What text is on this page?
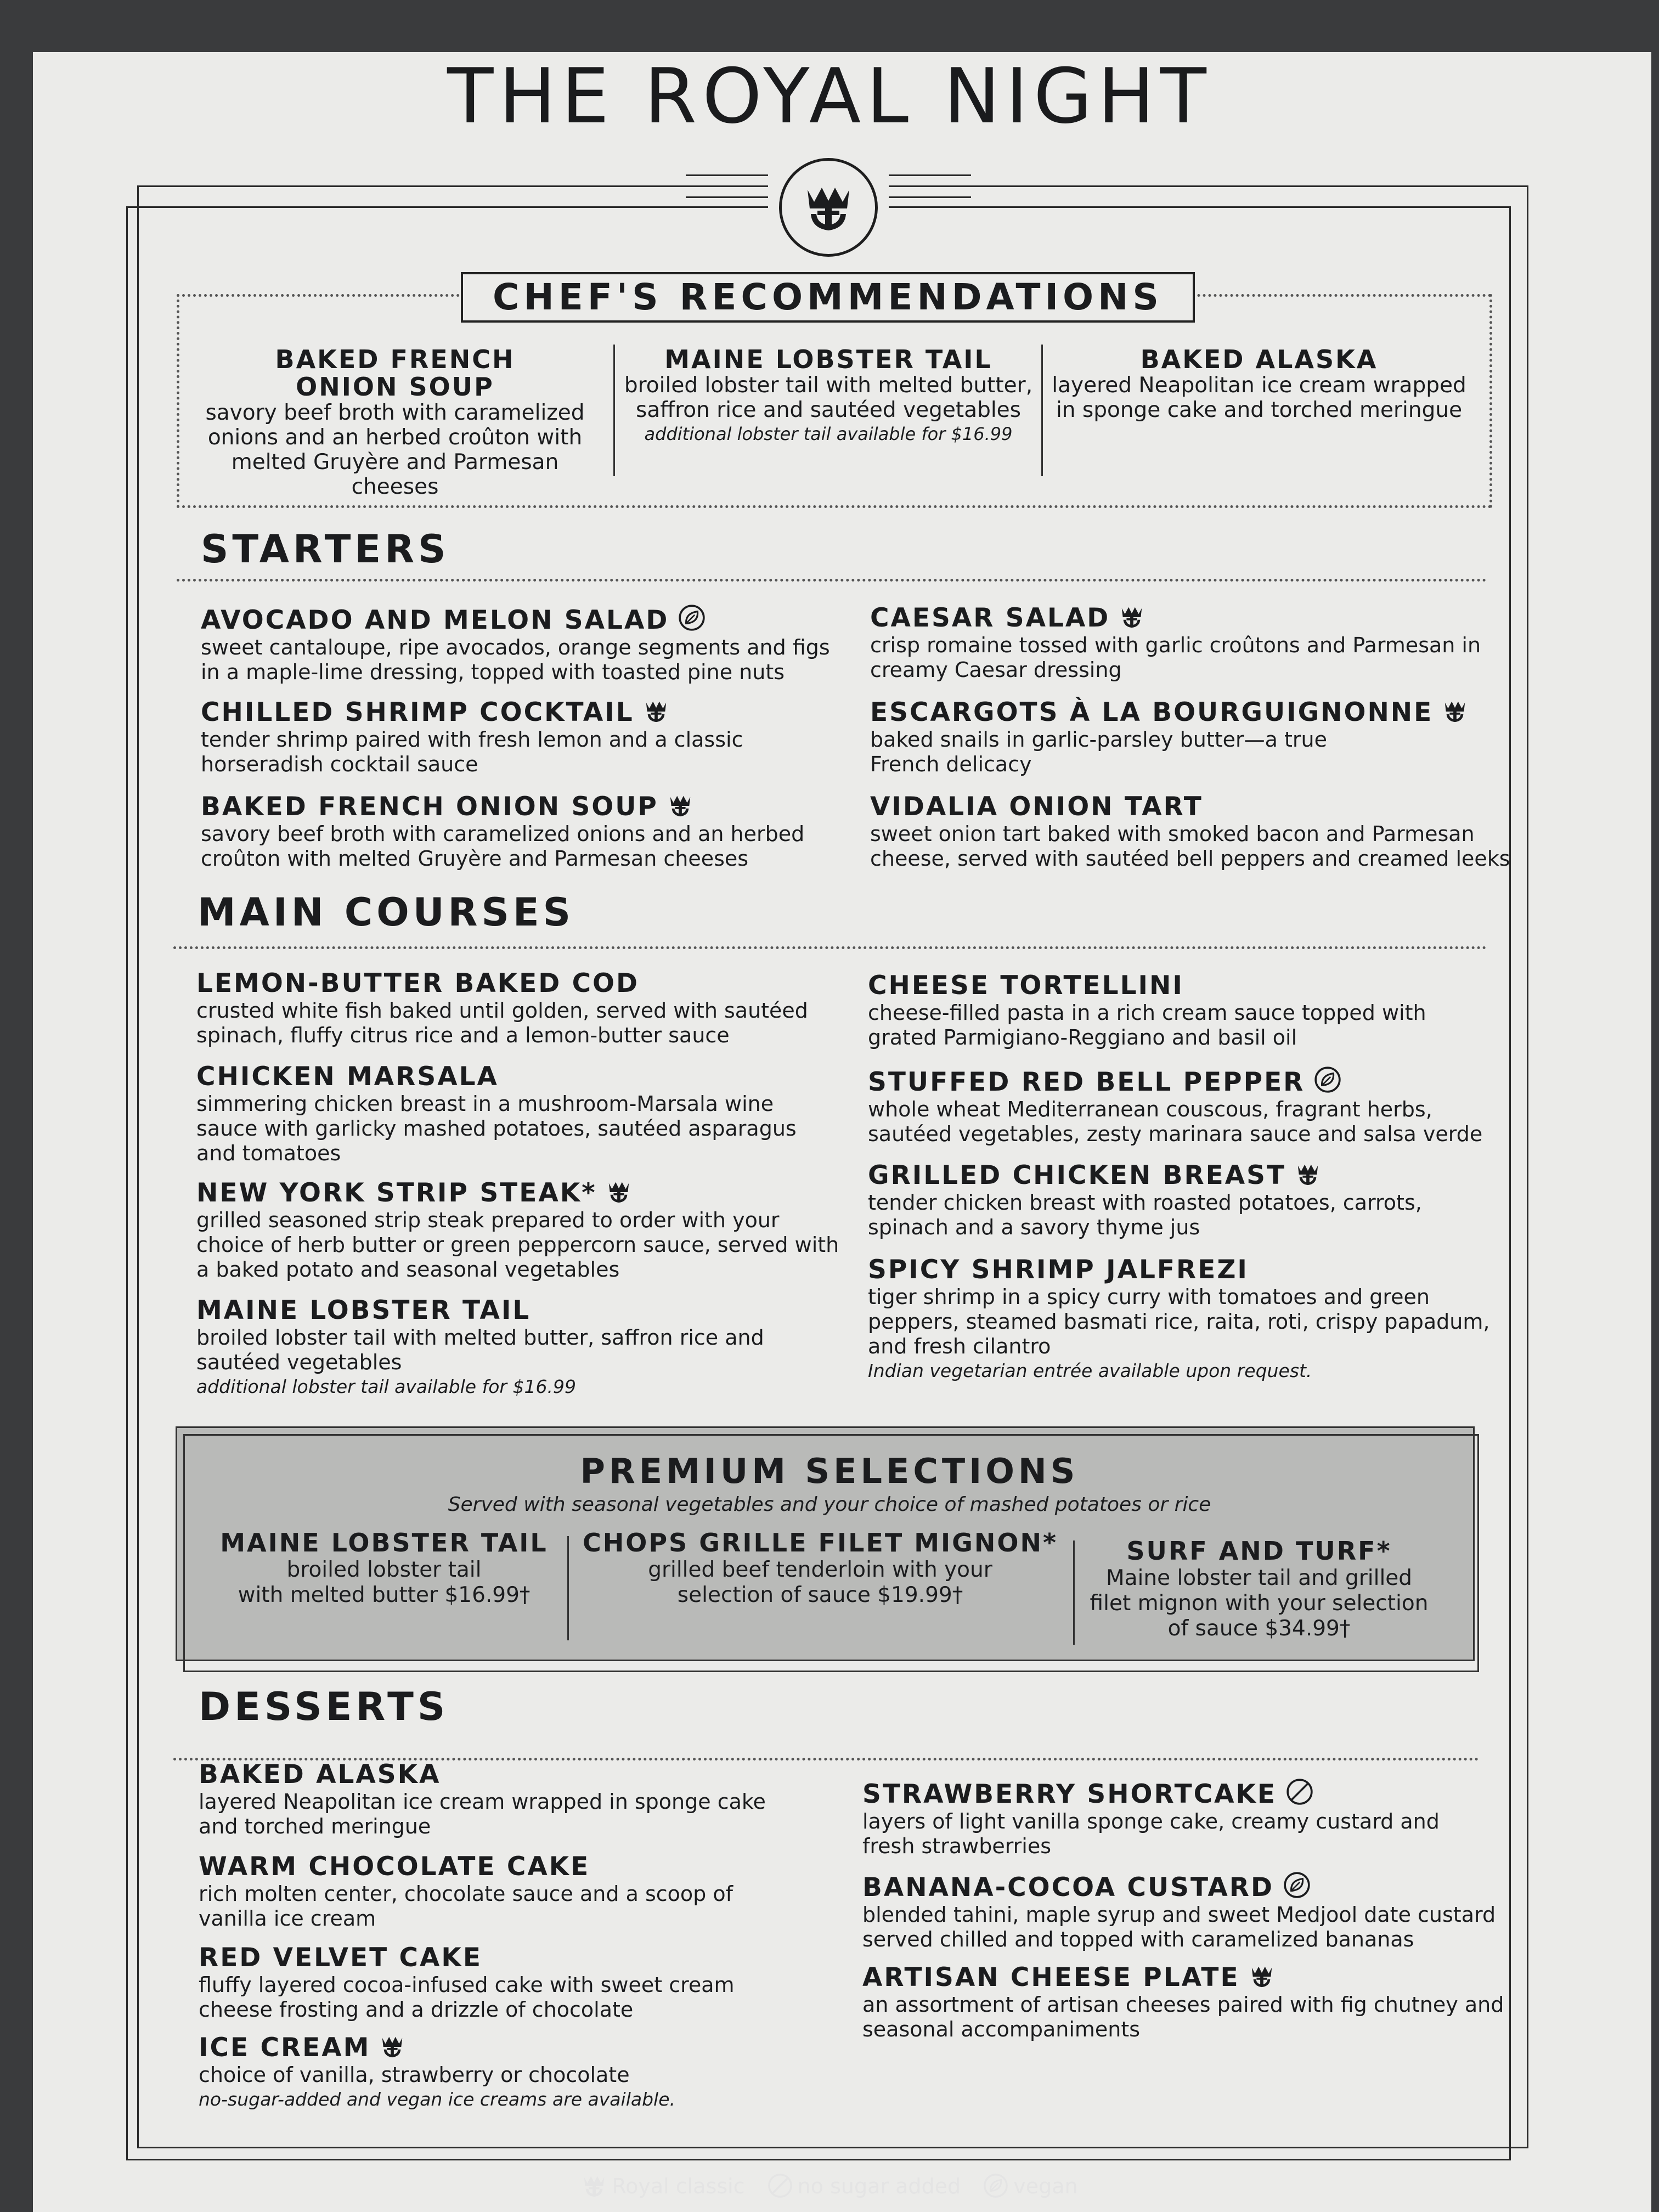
THE ROYAL NIGHT
CHEF'S RECOMMENDATIONS
BAKED FRENCH
ONION SOUP
savory beef broth with caramelized
onions and an herbed croûton with
melted Gruyère and Parmesan cheeses
MAINE LOBSTER TAIL
broiled lobster tail with melted butter,
saffron rice and sautéed vegetables
additional lobster tail available for $16.99
BAKED ALASKA
layered Neapolitan ice cream wrapped
in sponge cake and torched meringue
STARTERS
AVOCADO AND MELON SALAD
sweet cantaloupe, ripe avocados, orange segments and figs
in a maple-lime dressing, topped with toasted pine nuts
CHILLED SHRIMP COCKTAIL
tender shrimp paired with fresh lemon and a classic
horseradish cocktail sauce
BAKED FRENCH ONION SOUP
savory beef broth with caramelized onions and an herbed
croûton with melted Gruyère and Parmesan cheeses
CAESAR SALAD
crisp romaine tossed with garlic croûtons and Parmesan in
creamy Caesar dressing
ESCARGOTS À LA BOURGUIGNONNE
baked snails in garlic-parsley butter—a true
French delicacy
VIDALIA ONION TART
sweet onion tart baked with smoked bacon and Parmesan
cheese, served with sautéed bell peppers and creamed leeks
MAIN COURSES
LEMON-BUTTER BAKED COD
crusted white fish baked until golden, served with sautéed
spinach, fluffy citrus rice and a lemon-butter sauce
CHICKEN MARSALA
simmering chicken breast in a mushroom-Marsala wine
sauce with garlicky mashed potatoes, sautéed asparagus
and tomatoes
NEW YORK STRIP STEAK*
grilled seasoned strip steak prepared to order with your
choice of herb butter or green peppercorn sauce, served with
a baked potato and seasonal vegetables
MAINE LOBSTER TAIL
broiled lobster tail with melted butter, saffron rice and
sautéed vegetables
additional lobster tail available for $16.99
CHEESE TORTELLINI
cheese-filled pasta in a rich cream sauce topped with
grated Parmigiano-Reggiano and basil oil
STUFFED RED BELL PEPPER
whole wheat Mediterranean couscous, fragrant herbs,
sautéed vegetables, zesty marinara sauce and salsa verde
GRILLED CHICKEN BREAST
tender chicken breast with roasted potatoes, carrots,
spinach and a savory thyme jus
SPICY SHRIMP JALFREZI
tiger shrimp in a spicy curry with tomatoes and green
peppers, steamed basmati rice, raita, roti, crispy papadum,
and fresh cilantro
Indian vegetarian entrée available upon request.
PREMIUM SELECTIONS
Served with seasonal vegetables and your choice of mashed potatoes or rice
MAINE LOBSTER TAIL
broiled lobster tail
with melted butter $16.99†
CHOPS GRILLE FILET MIGNON*
grilled beef tenderloin with your
selection of sauce $19.99†
SURF AND TURF*
Maine lobster tail and grilled
filet mignon with your selection
of sauce $34.99†
DESSERTS
BAKED ALASKA
layered Neapolitan ice cream wrapped in sponge cake
and torched meringue
WARM CHOCOLATE CAKE
rich molten center, chocolate sauce and a scoop of
vanilla ice cream
RED VELVET CAKE
fluffy layered cocoa-infused cake with sweet cream
cheese frosting and a drizzle of chocolate
ICE CREAM
choice of vanilla, strawberry or chocolate
no-sugar-added and vegan ice creams are available.
STRAWBERRY SHORTCAKE
layers of light vanilla sponge cake, creamy custard and
fresh strawberries
BANANA-COCOA CUSTARD
blended tahini, maple syrup and sweet Medjool date custard
served chilled and topped with caramelized bananas
ARTISAN CHEESE PLATE
an assortment of artisan cheeses paired with fig chutney and
seasonal accompaniments
Royal classic	no sugar added	vegan
